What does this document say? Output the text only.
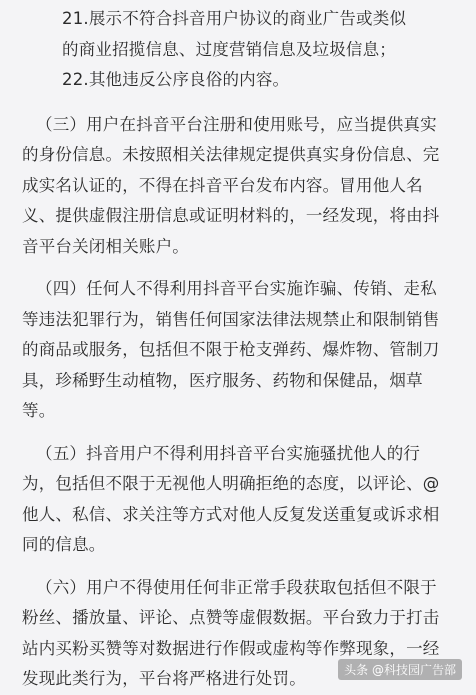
21.展示不符合抖音用户协议的商业广告或类似
的商业招揽信息、过度营销信息及垃圾信息；
22.其他违反公序良俗的内容。
（三）用户在抖音平台注册和使用账号，应当提供真实
的身份信息。未按照相关法律规定提供真实身份信息、完
成实名认证的，不得在抖音平台发布内容。冒用他人名
义、提供虚假注册信息或证明材料的，一经发现，将由抖
音平台关闭相关账户。
（四）任何人不得利用抖音平台实施诈骗、传销、走私
等违法犯罪行为，销售任何国家法律法规禁止和限制销售
的商品或服务，包括但不限于枪支弹药、爆炸物、管制刀
具，珍稀野生动植物，医疗服务、药物和保健品，烟草
等。
（五）抖音用户不得利用抖音平台实施骚扰他人的行
为，包括但不限于无视他人明确拒绝的态度，以评论、@
他人、私信、求关注等方式对他人反复发送重复或诉求相
同的信息。
（六）用户不得使用任何非正常手段获取包括但不限于
粉丝、播放量、评论、点赞等虚假数据。平台致力于打击
站内买粉买赞等对数据进行作假或虚构等作弊现象，一经
发现此类行为，平台将严格进行处罚。	头条 @科技园广告部
